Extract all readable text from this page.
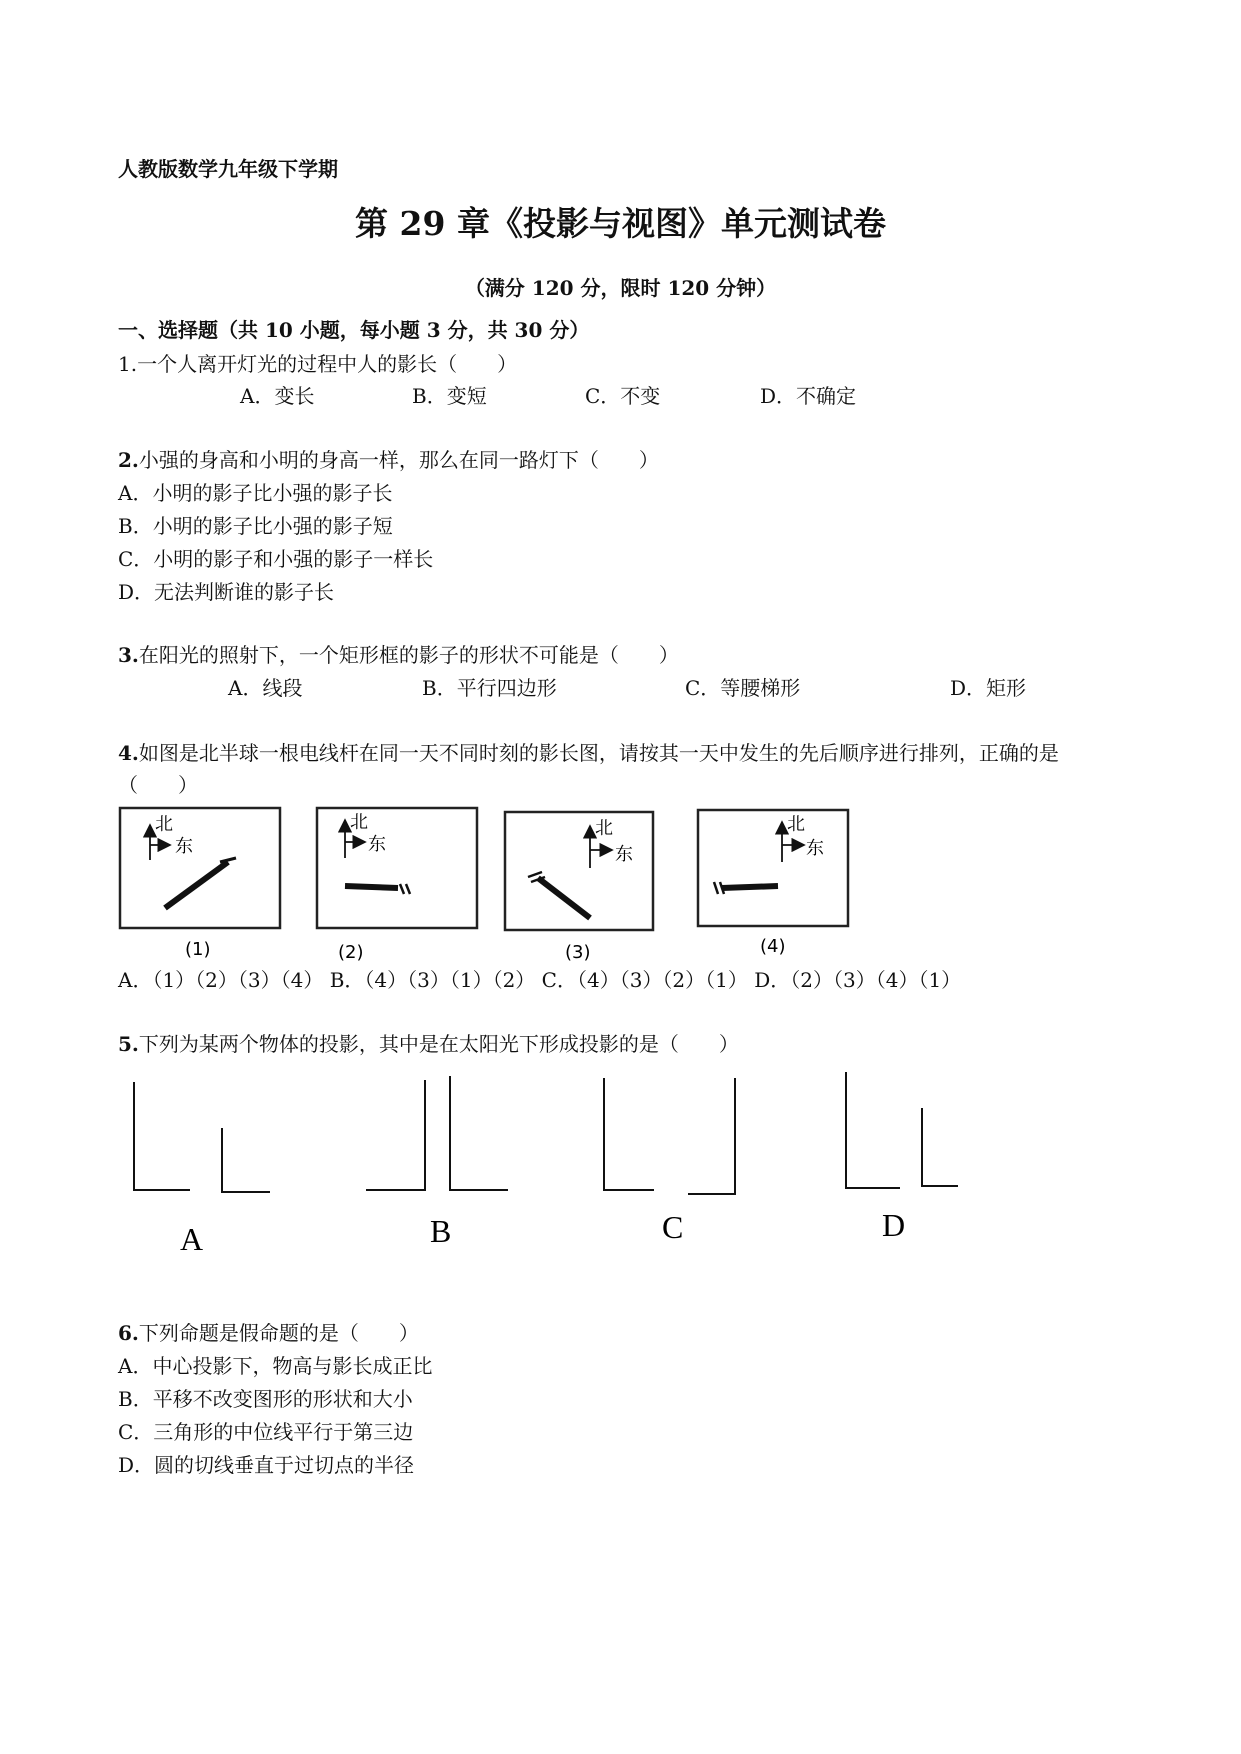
人教版数学九年级下学期
第 29 章《投影与视图》单元测试卷
（满分 120 分，限时 120 分钟）
一、选择题（共 10 小题，每小题 3 分，共 30 分）
1.一个人离开灯光的过程中人的影长（　　）
A．变长	B．变短	C．不变	D．不确定
2.小强的身高和小明的身高一样，那么在同一路灯下（　　）
A．小明的影子比小强的影子长
B．小明的影子比小强的影子短
C．小明的影子和小强的影子一样长
D．无法判断谁的影子长
3.在阳光的照射下，一个矩形框的影子的形状不可能是（　　）
A．线段	B．平行四边形	C．等腰梯形	D．矩形
4.如图是北半球一根电线杆在同一天不同时刻的影长图，请按其一天中发生的先后顺序进行排列，正确的是
（　　）
北
东
(1)
北
东
(2)
北
东
(3)
北
东
(4)
A．（1）（2）（3）（4） B．（4）（3）（1）（2） C．（4）（3）（2）（1） D．（2）（3）（4）（1）
5.下列为某两个物体的投影，其中是在太阳光下形成投影的是（　　）
A	B	C	D
6.下列命题是假命题的是（　　）
A．中心投影下，物高与影长成正比
B．平移不改变图形的形状和大小
C．三角形的中位线平行于第三边
D．圆的切线垂直于过切点的半径
